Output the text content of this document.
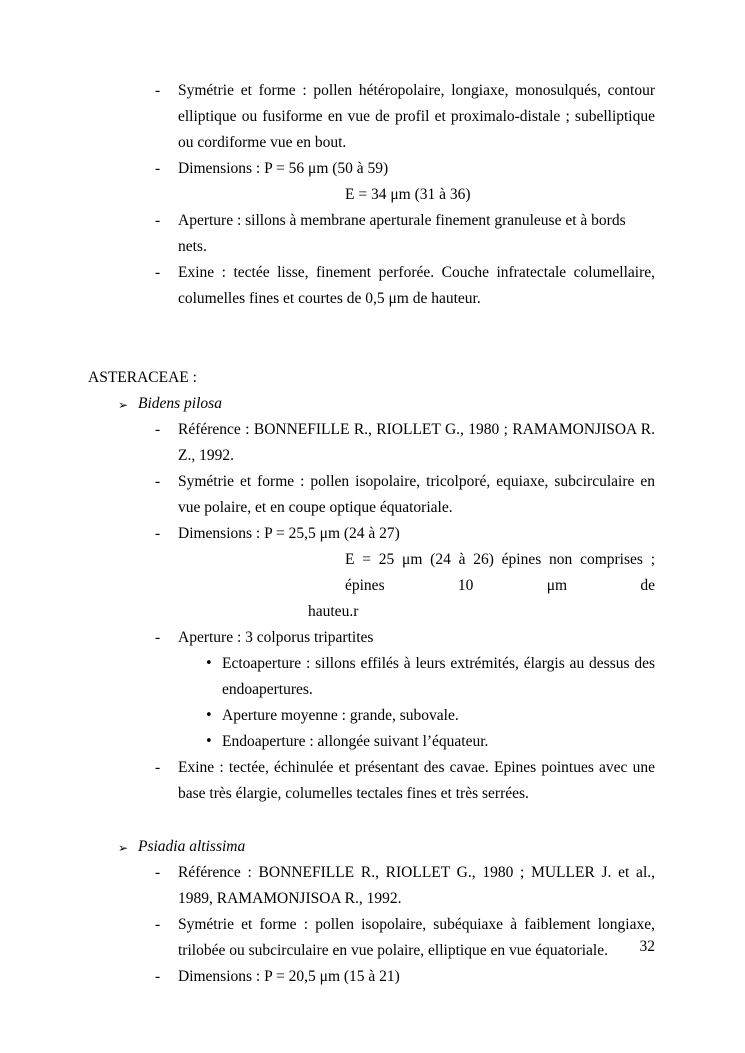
- Symétrie et forme : pollen hétéropolaire, longiaxe, monosulqués, contour elliptique ou fusiforme en vue de profil et proximalo-distale ; subelliptique ou cordiforme vue en bout.
- Dimensions : P = 56 μm (50 à 59)
E = 34 μm (31 à 36)
- Aperture : sillons à membrane aperturale finement granuleuse et à bords nets.
- Exine : tectée lisse, finement perforée. Couche infratectale columellaire, columelles fines et courtes de 0,5 μm de hauteur.
ASTERACEAE :
➢ Bidens pilosa
- Référence : BONNEFILLE R., RIOLLET G., 1980 ; RAMAMONJISOA R. Z., 1992.
- Symétrie et forme : pollen isopolaire, tricolporé, equiaxe, subcirculaire en vue polaire, et en coupe optique équatoriale.
- Dimensions : P = 25,5 μm (24 à 27)
E = 25 μm (24 à 26) épines non comprises ; épines 10 μm de
hauteu.r
- Aperture : 3 colporus tripartites
• Ectoaperture : sillons effilés à leurs extrémités, élargis au dessus des endoapertures.
• Aperture moyenne : grande, subovale.
• Endoaperture : allongée suivant l’équateur.
- Exine : tectée, échinulée et présentant des cavae. Epines pointues avec une base très élargie, columelles tectales fines et très serrées.
➢ Psiadia altissima
- Référence : BONNEFILLE R., RIOLLET G., 1980 ; MULLER J. et al., 1989, RAMAMONJISOA R., 1992.
- Symétrie et forme : pollen isopolaire, subéquiaxe à faiblement longiaxe, trilobée ou subcirculaire en vue polaire, elliptique en vue équatoriale.
- Dimensions : P = 20,5 μm (15 à 21)
32
